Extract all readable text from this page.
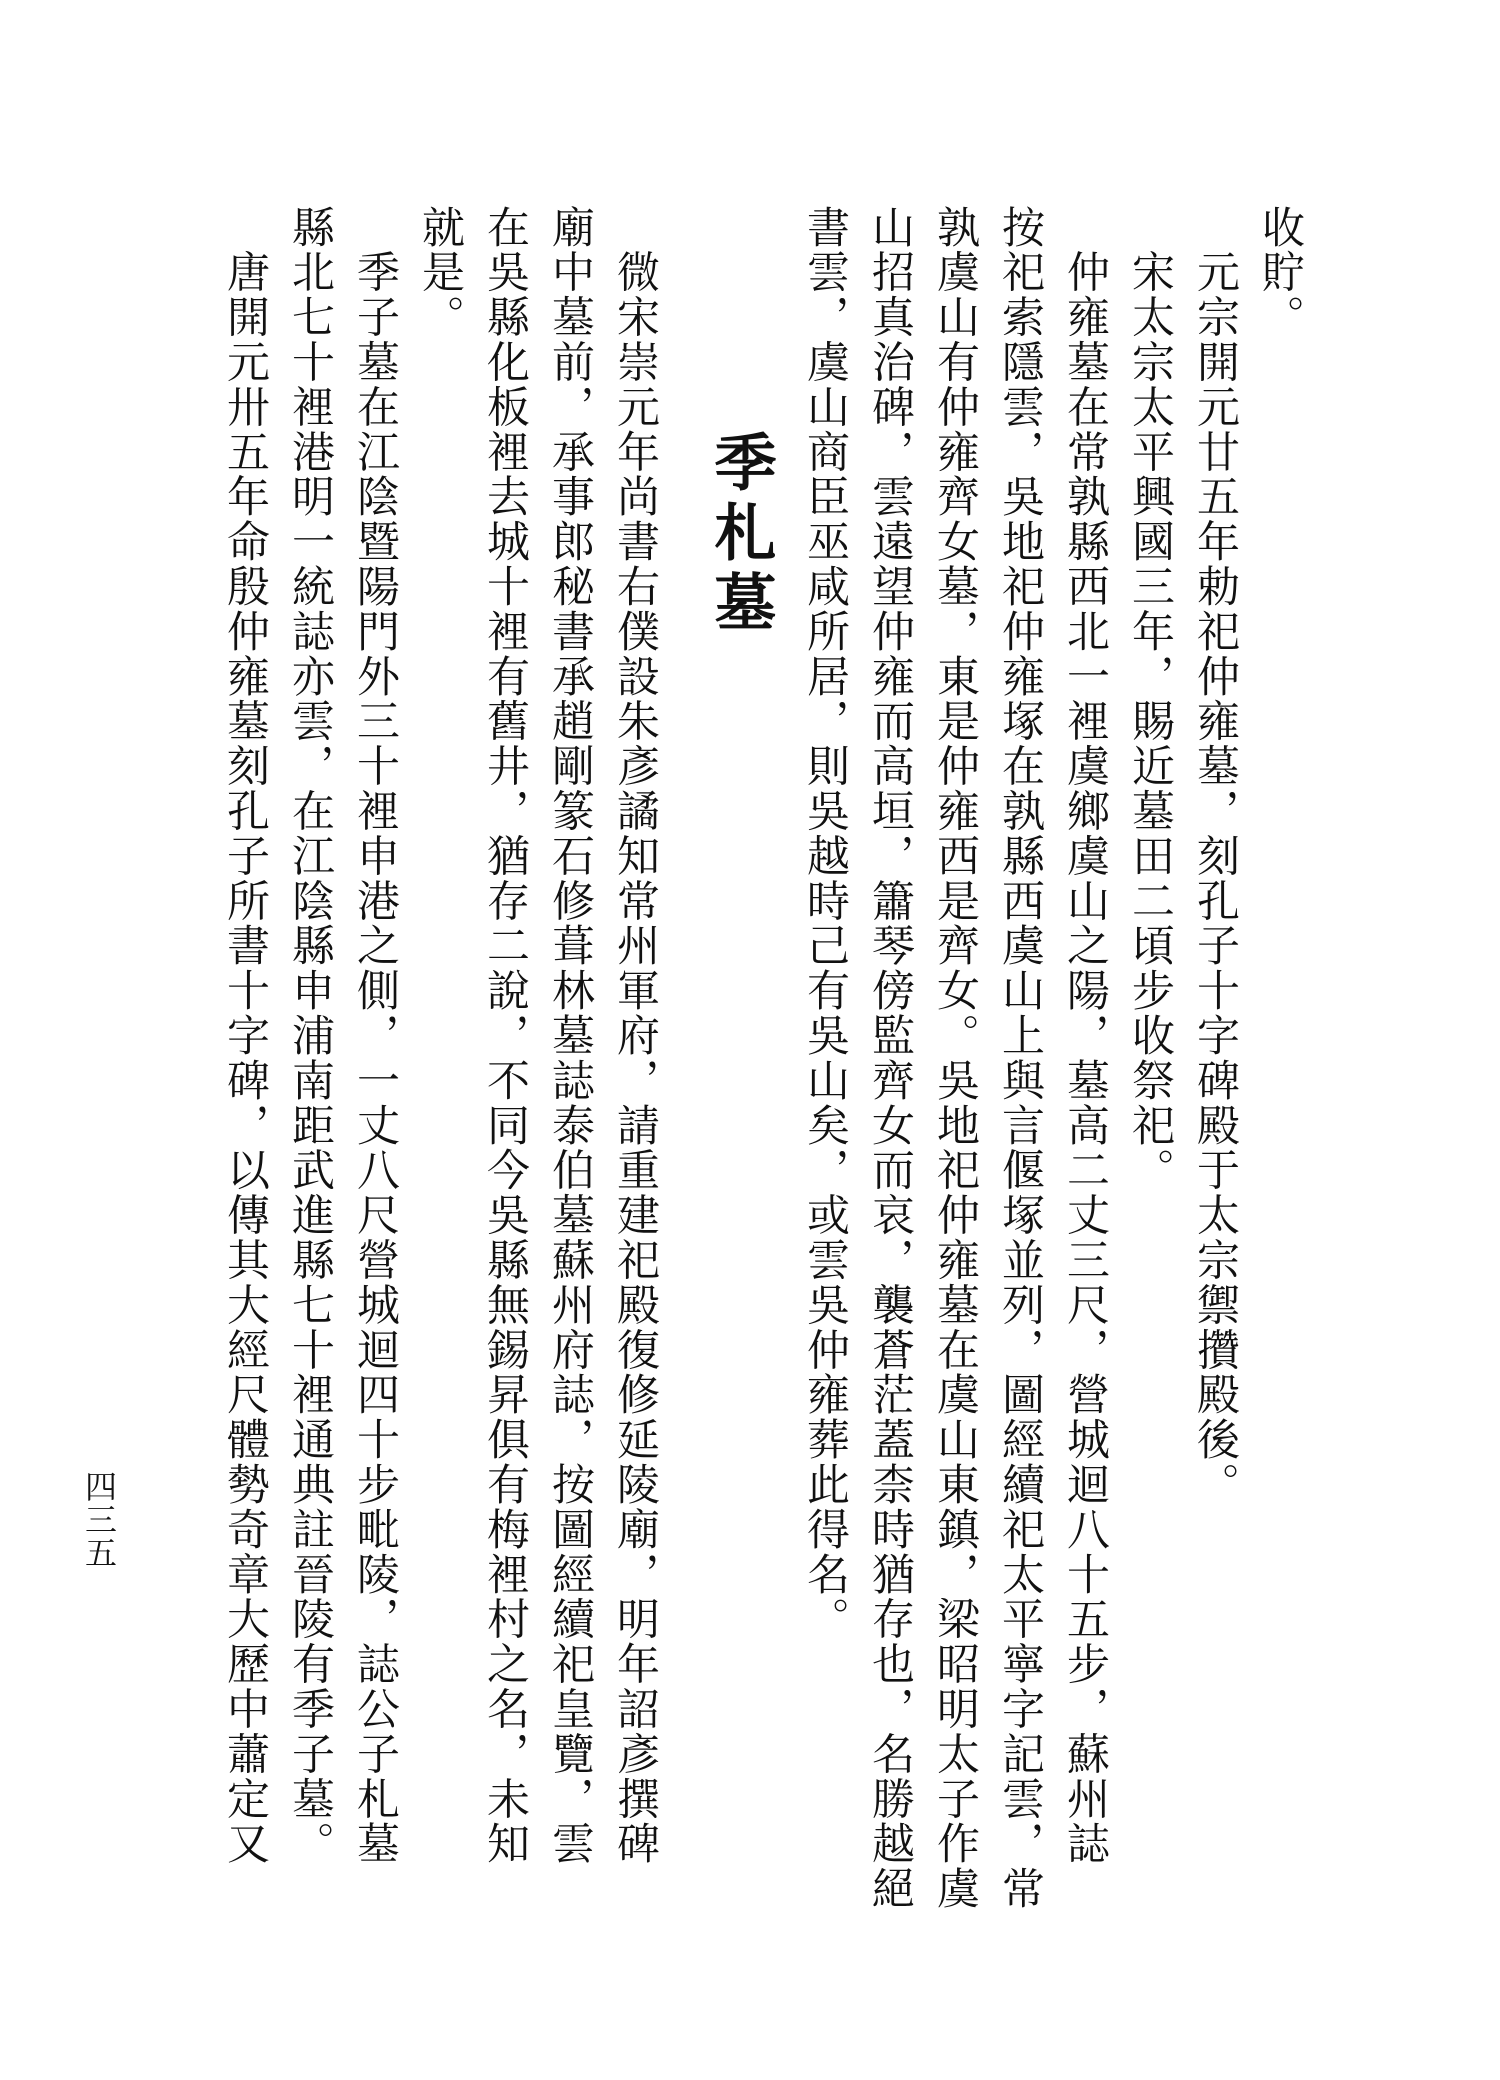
收貯。

　元宗開元廿五年勅祀仲雍墓，刻孔子十字碑殿于太宗禦攢殿後。

　宋太宗太平興國三年，賜近墓田二頃步收祭祀。

　仲雍墓在常孰縣西北一裡虞鄉虞山之陽，墓高二丈三尺，營城迴八十五步，蘇州誌

按祀索隱雲，吳地祀仲雍塚在孰縣西虞山上與言偃塚並列，圖經續祀太平寧字記雲，常

孰虞山有仲雍齊女墓，東是仲雍西是齊女。吳地祀仲雍墓在虞山東鎮，梁昭明太子作虞

山招真治碑，雲遠望仲雍而高垣，簫琴傍監齊女而哀，襲蒼茫蓋柰時猶存也，名勝越絕

書雲，虞山商臣巫咸所居，則吳越時己有吳山矣，或雲吳仲雍葬此得名。

季札墓

　微宋崇元年尚書右僕設朱彥譎知常州軍府，請重建祀殿復修延陵廟，明年詔彥撰碑

廟中墓前，承事郎秘書承趙剛篆石修葺林墓誌泰伯墓蘇州府誌，按圖經續祀皇覽，雲

在吳縣化板裡去城十裡有舊井，猶存二說，不同今吳縣無錫昇俱有梅裡村之名，未知

就是。

　季子墓在江陰暨陽門外三十裡申港之側，一丈八尺營城迴四十步毗陵，誌公子札墓

縣北七十裡港明一統誌亦雲，在江陰縣申浦南距武進縣七十裡通典註晉陵有季子墓。

　唐開元卅五年命殷仲雍墓刻孔子所書十字碑，以傳其大經尺體勢奇章大歷中蕭定又

四三五
